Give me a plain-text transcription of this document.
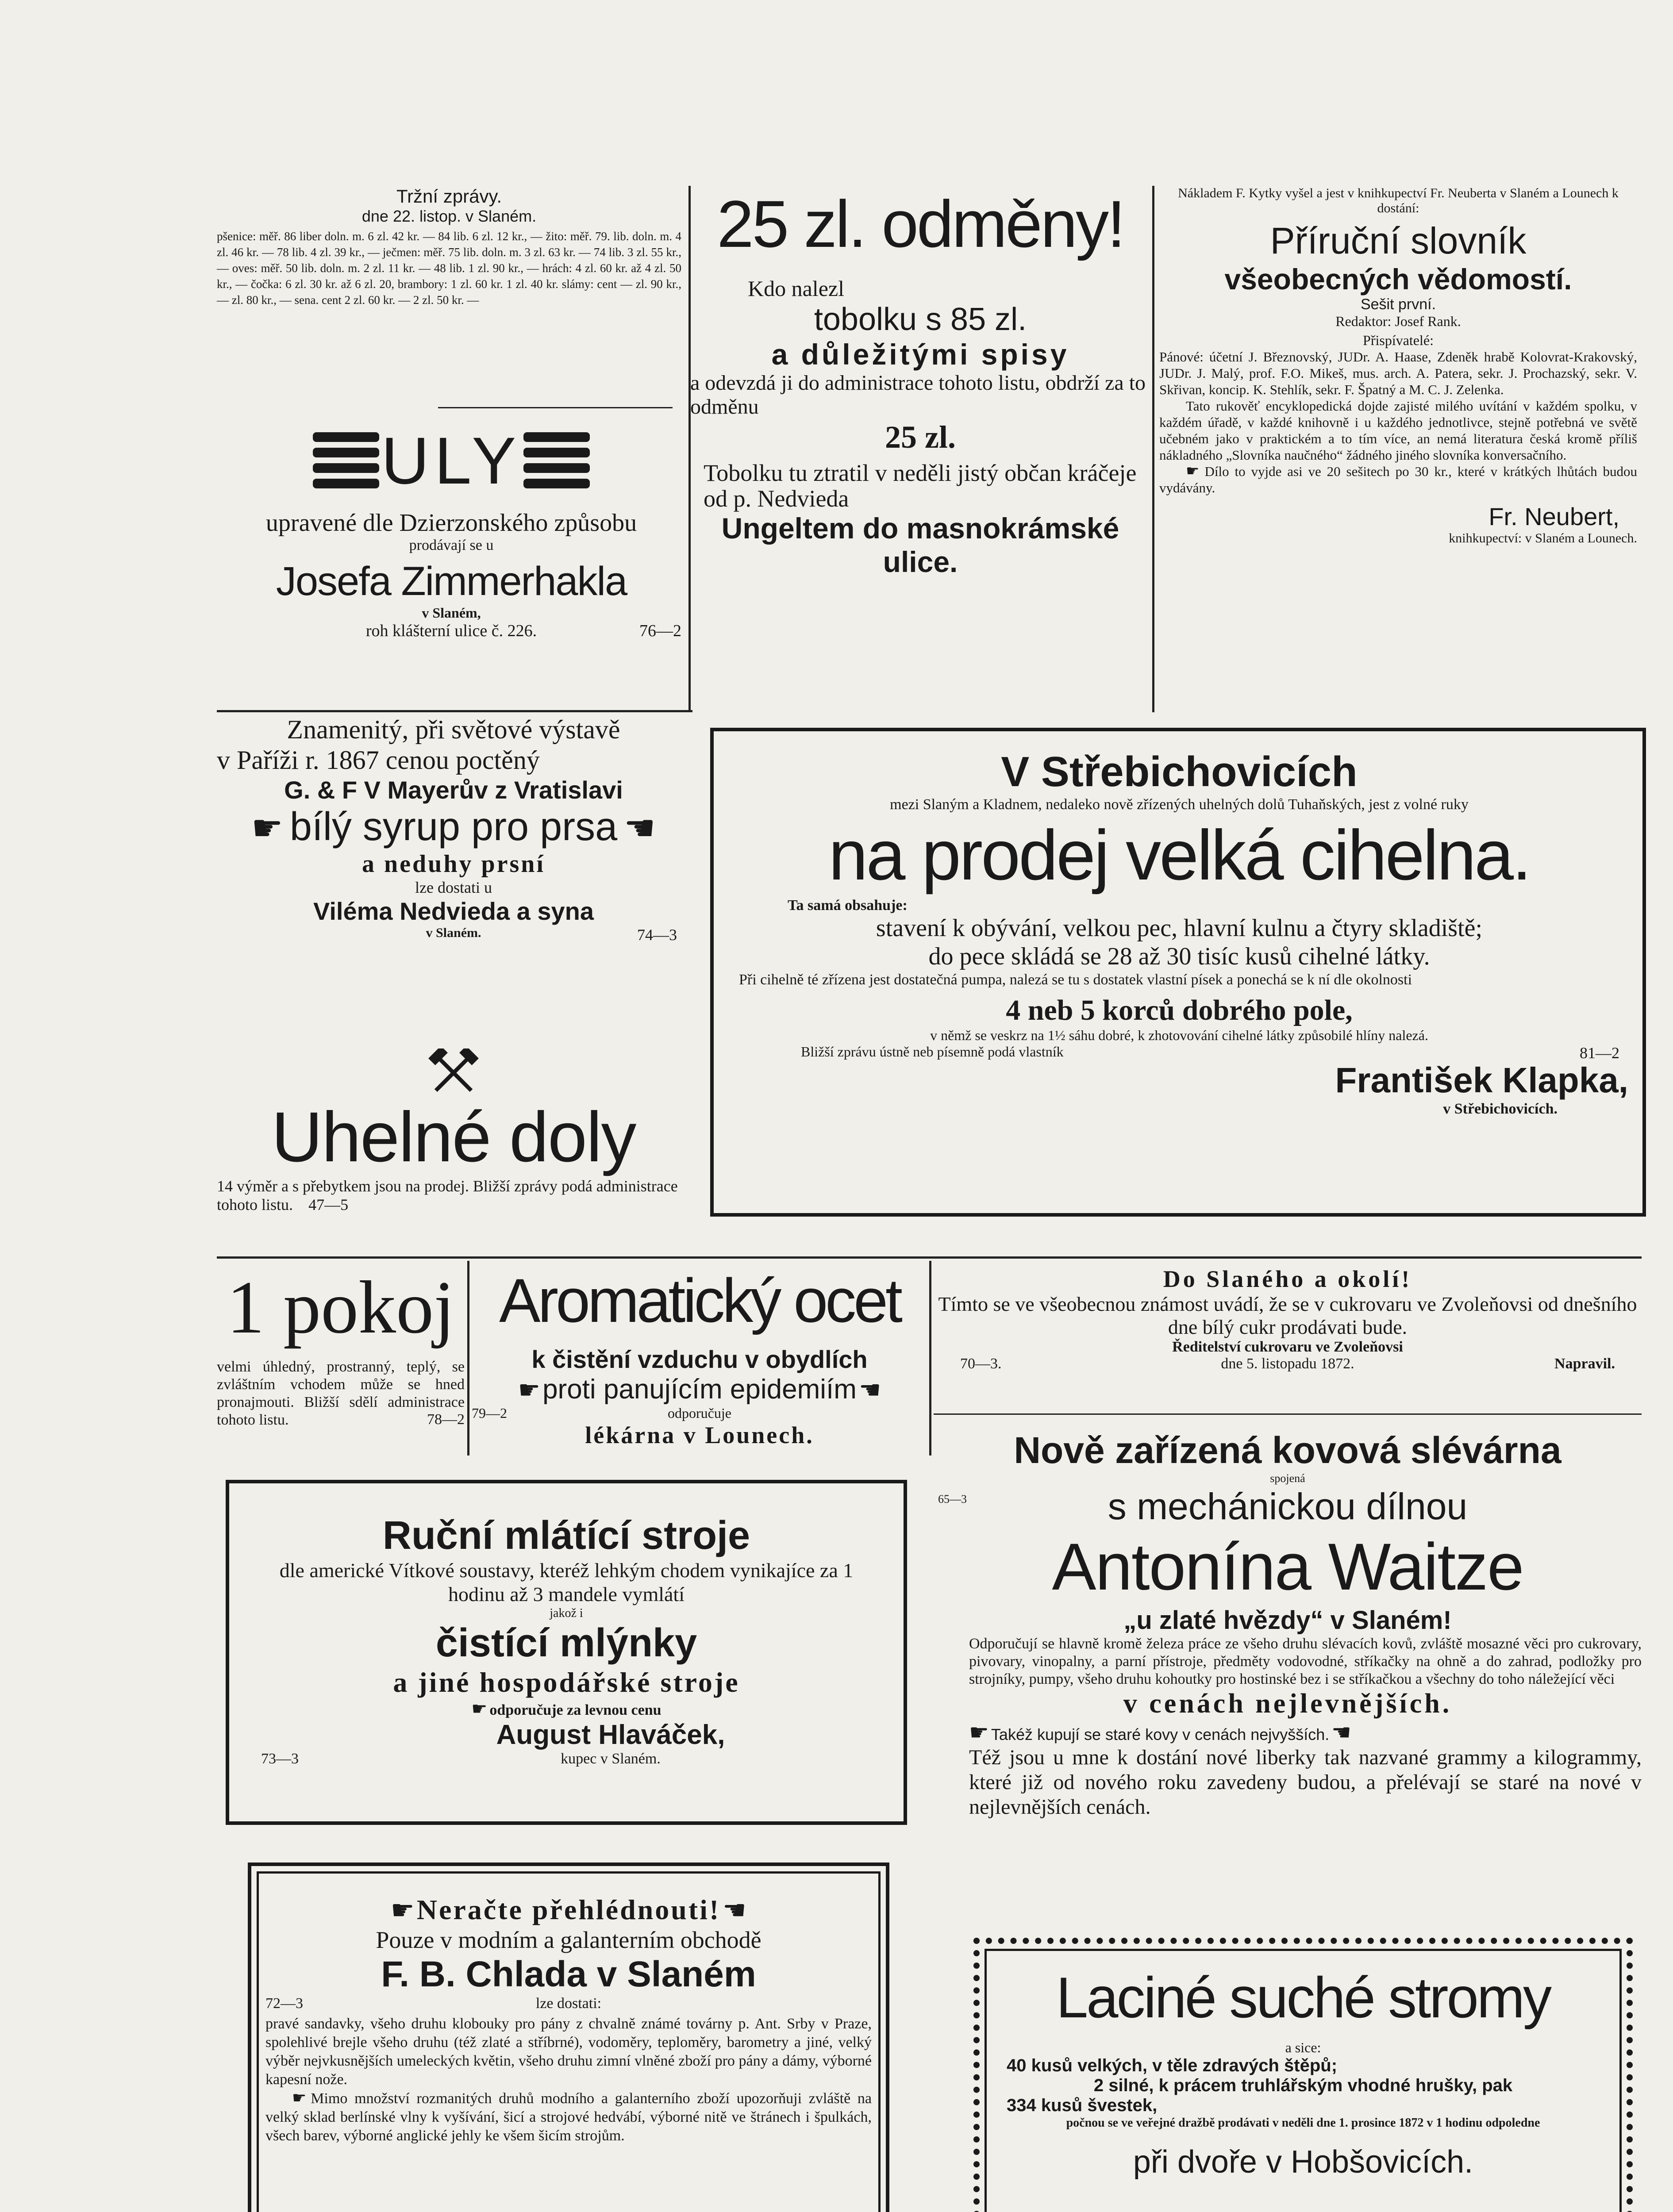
Tržní zprávy.
dne 22. listop. v Slaném.
pšenice: měř. 86 liber doln. m. 6 zl. 42 kr. — 84 lib. 6 zl. 12 kr., — žito: měř. 79. lib. doln. m. 4 zl. 46 kr. — 78 lib. 4 zl. 39 kr., — ječmen: měř. 75 lib. doln. m. 3 zl. 63 kr. — 74 lib. 3 zl. 55 kr., — oves: měř. 50 lib. doln. m. 2 zl. 11 kr. — 48 lib. 1 zl. 90 kr., — hrách: 4 zl. 60 kr. až 4 zl. 50 kr., — čočka: 6 zl. 30 kr. až 6 zl. 20, brambory: 1 zl. 60 kr. 1 zl. 40 kr. slámy: cent — zl. 90 kr., — zl. 80 kr., — sena. cent 2 zl. 60 kr. — 2 zl. 50 kr. —
ULY
upravené dle Dzierzonského způsobu
prodávají se u
Josefa Zimmerhakla
v Slaném,
roh klášterní ulice č. 226.	76—2
25 zl. odměny!
Kdo nalezl
tobolku s 85 zl.
a důležitými spisy
a odevzdá ji do administrace tohoto listu, obdrží za to odměnu
25 zl.
Tobolku tu ztratil v neděli jistý občan kráčeje od p. Nedvieda
Ungeltem do masnokrámské ulice.
Nákladem F. Kytky vyšel a jest v knihkupectví Fr. Neuberta v Slaném a Lounech k dostání:
Příruční slovník
všeobecných vědomostí.
Sešit první.
Redaktor: Josef Rank.
Přispívatelé:
Pánové: účetní J. Březnovský, JUDr. A. Haase, Zdeněk hrabě Kolovrat-Krakovský, JUDr. J. Malý, prof. F.O. Mikeš, mus. arch. A. Patera, sekr. J. Prochazský, sekr. V. Skřivan, koncip. K. Stehlík, sekr. F. Špatný a M. C. J. Zelenka.
Tato rukověť encyklopedická dojde zajisté milého uvítání v každém spolku, v každém úřadě, v každé knihovně i u každého jednotlivce, stejně potřebná ve světě učebném jako v praktickém a to tím více, an nemá literatura česká kromě příliš nákladného „Slovníka naučného“ žádného jiného slovníka konversačního.
☛ Dílo to vyjde asi ve 20 sešitech po 30 kr., které v krátkých lhůtách budou vydávány.
Fr. Neubert,
knihkupectví: v Slaném a Lounech.
Znamenitý, při světové výstavě
v Paříži r. 1867 cenou poctěný
G. & F V Mayerův z Vratislavi
☛ bílý syrup pro prsa ☛
a neduhy prsní
lze dostati u
Viléma Nedvieda a syna
v Slaném.	74—3
Uhelné doly
14 výměr a s přebytkem jsou na prodej. Bližší zprávy podá administrace tohoto listu. 47—5
V Střebichovicích
mezi Slaným a Kladnem, nedaleko nově zřízených uhelných dolů Tuhaňských, jest z volné ruky
na prodej velká cihelna.
Ta samá obsahuje:
stavení k obývání, velkou pec, hlavní kulnu a čtyry skladiště;
do pece skládá se 28 až 30 tisíc kusů cihelné látky.
Při cihelně té zřízena jest dostatečná pumpa, nalezá se tu s dostatek vlastní písek a ponechá se k ní dle okolnosti
4 neb 5 korců dobrého pole,
v němž se veskrz na 1½ sáhu dobré, k zhotovování cihelné látky způsobilé hlíny nalezá.
Bližší zprávu ústně neb písemně podá vlastník	81—2
František Klapka,
v Střebichovicích.
1 pokoj
velmi úhledný, prostranný, teplý, se zvláštním vchodem může se hned pronajmouti. Bližší sdělí administrace tohoto listu.	78—2
Aromatický ocet
k čistění vzduchu v obydlích
☛ proti panujícím epidemiím ☛
79—2	odporučuje
lékárna v Lounech.
Do Slaného a okolí!
Tímto se ve všeobecnou známost uvádí, že se v cukrovaru ve Zvoleňovsi od dnešního dne bílý cukr prodávati bude.
Ředitelství cukrovaru ve Zvoleňovsi
70—3.	dne 5. listopadu 1872.	Napravil.
Ruční mlátící stroje
dle americké Vítkové soustavy, kteréž lehkým chodem vynikajíce za 1 hodinu až 3 mandele vymlátí
jakož i
čistící mlýnky
a jiné hospodářské stroje
☛ odporučuje za levnou cenu
August Hlaváček,
73—3	kupec v Slaném.
☛ Neračte přehlédnouti! ☛
Pouze v modním a galanterním obchodě
F. B. Chlada v Slaném
72—3	lze dostati:
pravé sandavky, všeho druhu klobouky pro pány z chvalně známé továrny p. Ant. Srby v Praze, spolehlivé brejle všeho druhu (též zlaté a stříbrné), vodoměry, teploměry, barometry a jiné, velký výběr nejvkusnějších umeleckých květin, všeho druhu zimní vlněné zboží pro pány a dámy, výborné kapesní nože.
☛ Mimo množství rozmanitých druhů modního a galanterního zboží upozorňuji zvláště na velký sklad berlínské vlny k vyšívání, šicí a strojové hedvábí, výborné nitě ve štránech i špulkách, všech barev, výborné anglické jehly ke všem šicím strojům.
Nově zařízená kovová slévárna
spojená
s mechánickou dílnou
65—3
Antonína Waitze
„u zlaté hvězdy“ v Slaném!
Odporučují se hlavně kromě železa práce ze všeho druhu slévacích kovů, zvláště mosazné věci pro cukrovary, pivovary, vinopalny, a parní přístroje, předměty vodovodné, stříkačky na ohně a do zahrad, podložky pro strojníky, pumpy, všeho druhu kohoutky pro hostinské bez i se stříkačkou a všechny do toho náležející věci
v cenách nejlevnějších.
☛ Takéž kupují se staré kovy v cenách nejvyšších. ☛
Též jsou u mne k dostání nové liberky tak nazvané grammy a kilogrammy, které již od nového roku zavedeny budou, a přelévají se staré na nové v nejlevnějších cenách.
Laciné suché stromy
a sice:
40 kusů velkých, v těle zdravých štěpů;
2 silné, k prácem truhlářským vhodné hrušky, pak
334 kusů švestek,
počnou se ve veřejné dražbě prodávati v neděli dne 1. prosince 1872 v 1 hodinu odpoledne
při dvoře v Hobšovicích.
